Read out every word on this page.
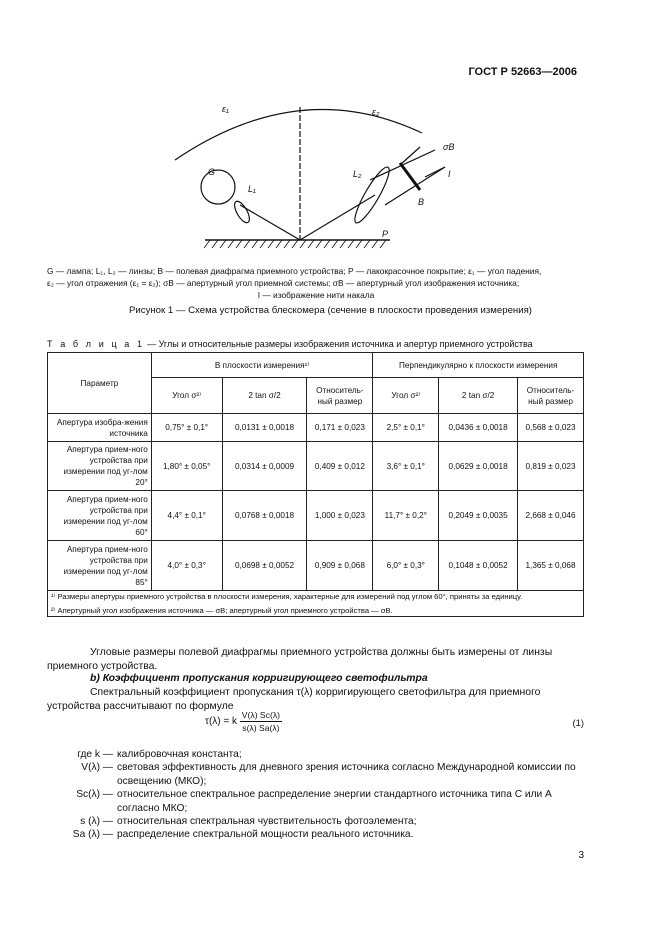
ГОСТ Р 52663—2006
ε₁	ε₂
G
L₁
L₂
P
B
σB
I
G — лампа; L₁, L₂ — линзы; B — полевая диафрагма приемного устройства; P — лакокрасочное покрытие; ε₁ — угол падения,
ε₂ — угол отражения (ε₁ = ε₂); σB — апертурный угол приемной системы; σB — апертурный угол изображения источника;
I — изображение нити накала
Рисунок 1 — Схема устройства блескомера (сечение в плоскости проведения измерения)
Т а б л и ц а 1 — Углы и относительные размеры изображения источника и апертур приемного устройства
Параметр	В плоскости измерения¹⁾			Перпендикулярно к плоскости измерения		
	Угол σ²⁾	2 tan σ/2	Относитель-ный размер	Угол σ²⁾	2 tan σ/2	Относитель-ный размер
Апертура изобра-жения источника	0,75° ± 0,1°	0,0131 ± 0,0018	0,171 ± 0,023	2,5° ± 0,1°	0,0436 ± 0,0018	0,568 ± 0,023
Апертура прием-ного устройства при измерении под уг-лом 20°	1,80° ± 0,05°	0,0314 ± 0,0009	0,409 ± 0,012	3,6° ± 0,1°	0,0629 ± 0,0018	0,819 ± 0,023
Апертура прием-ного устройства при измерении под уг-лом 60°	4,4° ± 0,1°	0,0768 ± 0,0018	1,000 ± 0,023	11,7° ± 0,2°	0,2049 ± 0,0035	2,668 ± 0,046
Апертура прием-ного устройства при измерении под уг-лом 85°	4,0° ± 0,3°	0,0698 ± 0,0052	0,909 ± 0,068	6,0° ± 0,3°	0,1048 ± 0,0052	1,365 ± 0,068

¹⁾ Размеры апертуры приемного устройства в плоскости измерения, характерные для измерений под углом 60°, приняты за единицу.
²⁾ Апертурный угол изображения источника — σB; апертурный угол приемного устройства — σB.						
Угловые размеры полевой диафрагмы приемного устройства должны быть измерены от линзы приемного устройства.
b) Коэффициент пропускания корригирующего светофильтра
Спектральный коэффициент пропускания τ(λ) корригирующего светофильтра для приемного устройства рассчитывают по формуле
τ(λ) = k $\frac{V(\lambda) Sc(\lambda)}{s(\lambda) Sa(\lambda)}$	(1)
где k — калибровочная константа;
V(λ) — световая эффективность для дневного зрения источника согласно Международной комиссии по освещению (МКО);
Sc(λ) — относительное спектральное распределение энергии стандартного источника типа С или А согласно МКО;
s (λ) — относительная спектральная чувствительность фотоэлемента;
Sa (λ) — распределение спектральной мощности реального источника.
3
